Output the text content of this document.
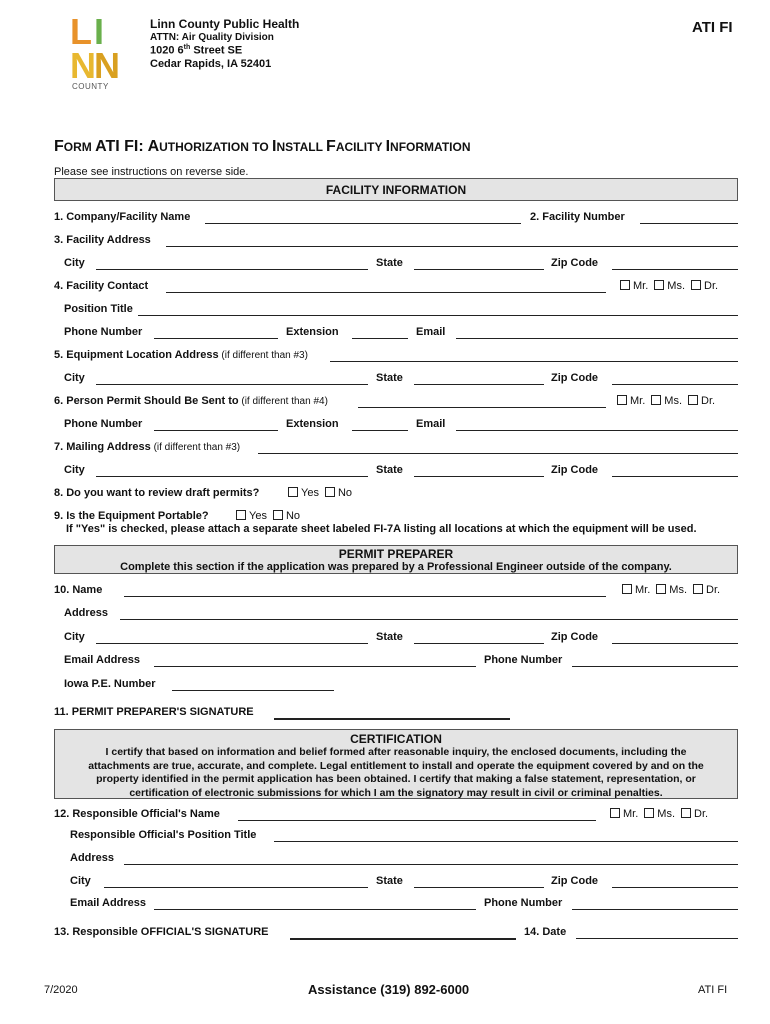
L I
N
N
COUNTY
Linn County Public Health
ATTN: Air Quality Division
1020 6th Street SE
Cedar Rapids, IA 52401
ATI FI
FORM ATI FI: AUTHORIZATION TO INSTALL FACILITY INFORMATION
Please see instructions on reverse side.
FACILITY INFORMATION
1. Company/Facility Name	2. Facility Number
3. Facility Address
City	State	Zip Code
4. Facility Contact	Mr. Ms. Dr.
Position Title
Phone Number	Extension	Email
5. Equipment Location Address (if different than #3)
City	State	Zip Code
6. Person Permit Should Be Sent to (if different than #4)	Mr. Ms. Dr.
Phone Number	Extension	Email
7. Mailing Address (if different than #3)
City	State	Zip Code
8. Do you want to review draft permits?	Yes No
9. Is the Equipment Portable?	Yes No
If "Yes" is checked, please attach a separate sheet labeled FI-7A listing all locations at which the equipment will be used.
PERMIT PREPARER
Complete this section if the application was prepared by a Professional Engineer outside of the company.
10. Name	Mr. Ms. Dr.
Address
City	State	Zip Code
Email Address	Phone Number
Iowa P.E. Number
11. PERMIT PREPARER'S SIGNATURE
CERTIFICATION
I certify that based on information and belief formed after reasonable inquiry, the enclosed documents, including the
attachments are true, accurate, and complete. Legal entitlement to install and operate the equipment covered by and on the
property identified in the permit application has been obtained. I certify that making a false statement, representation, or
certification of electronic submissions for which I am the signatory may result in civil or criminal penalties.
12. Responsible Official's Name	Mr. Ms. Dr.
Responsible Official's Position Title
Address
City	State	Zip Code
Email Address	Phone Number
13. Responsible OFFICIAL'S SIGNATURE	14. Date
7/2020	Assistance (319) 892-6000	ATI FI
